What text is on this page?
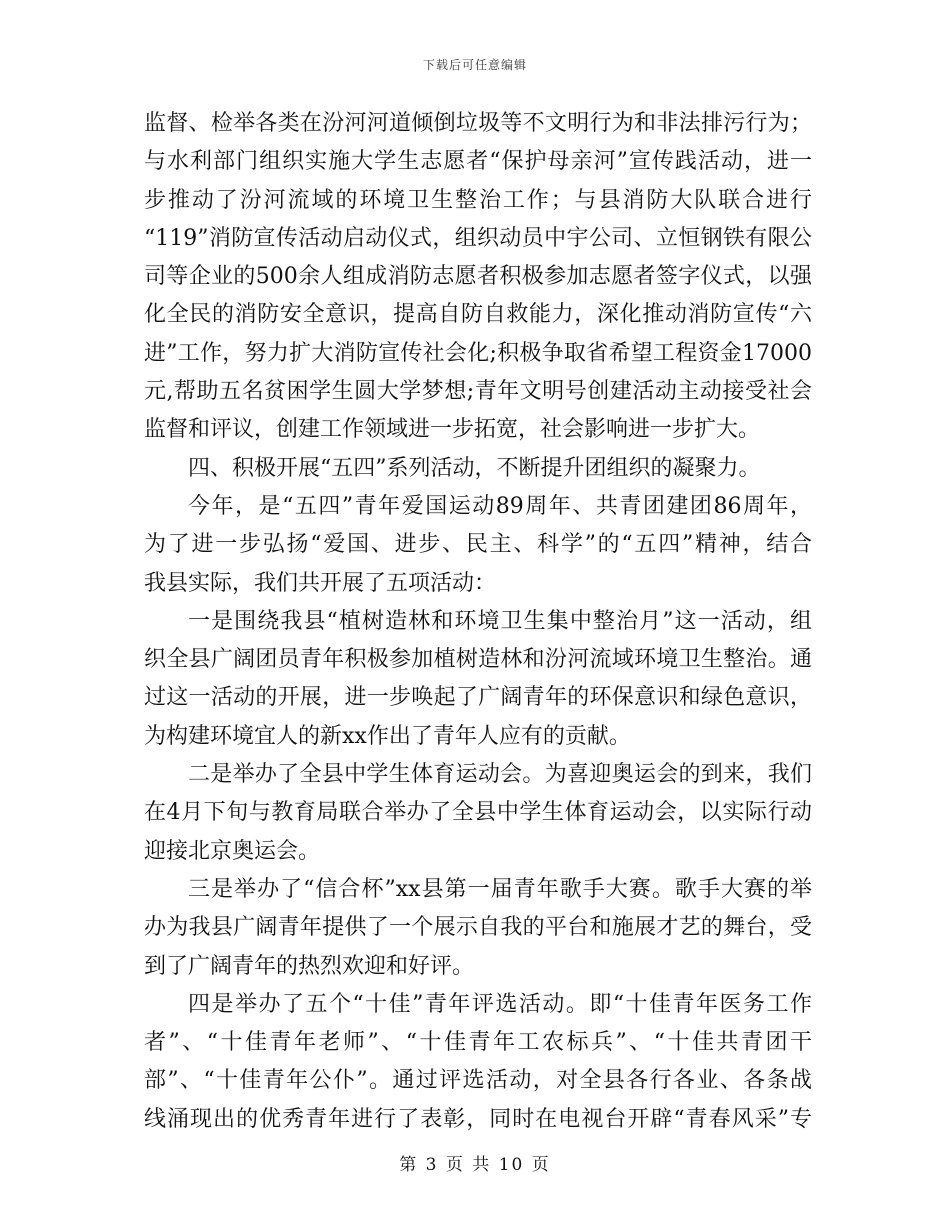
下载后可任意编辑
监督、检举各类在汾河河道倾倒垃圾等不文明行为和非法排污行为；
与水利部门组织实施大学生志愿者“保护母亲河”宣传践活动，进一
步推动了汾河流域的环境卫生整治工作；与县消防大队联合进行
“119”消防宣传活动启动仪式，组织动员中宇公司、立恒钢铁有限公
司等企业的500余人组成消防志愿者积极参加志愿者签字仪式，以强
化全民的消防安全意识，提高自防自救能力，深化推动消防宣传“六
进”工作，努力扩大消防宣传社会化;积极争取省希望工程资金17000
元,帮助五名贫困学生圆大学梦想;青年文明号创建活动主动接受社会
监督和评议，创建工作领域进一步拓宽，社会影响进一步扩大。
四、积极开展“五四”系列活动，不断提升团组织的凝聚力。
今年，是“五四”青年爱国运动89周年、共青团建团86周年，
为了进一步弘扬“爱国、进步、民主、科学”的“五四”精神，结合
我县实际，我们共开展了五项活动：
一是围绕我县“植树造林和环境卫生集中整治月”这一活动，组
织全县广阔团员青年积极参加植树造林和汾河流域环境卫生整治。通
过这一活动的开展，进一步唤起了广阔青年的环保意识和绿色意识，
为构建环境宜人的新xx作出了青年人应有的贡献。
二是举办了全县中学生体育运动会。为喜迎奥运会的到来，我们
在4月下旬与教育局联合举办了全县中学生体育运动会，以实际行动
迎接北京奥运会。
三是举办了“信合杯”xx县第一届青年歌手大赛。歌手大赛的举
办为我县广阔青年提供了一个展示自我的平台和施展才艺的舞台，受
到了广阔青年的热烈欢迎和好评。
四是举办了五个“十佳”青年评选活动。即“十佳青年医务工作
者”、“十佳青年老师”、“十佳青年工农标兵”、“十佳共青团干
部”、“十佳青年公仆”。通过评选活动，对全县各行各业、各条战
线涌现出的优秀青年进行了表彰，同时在电视台开辟“青春风采”专
第 3 页 共 10 页
